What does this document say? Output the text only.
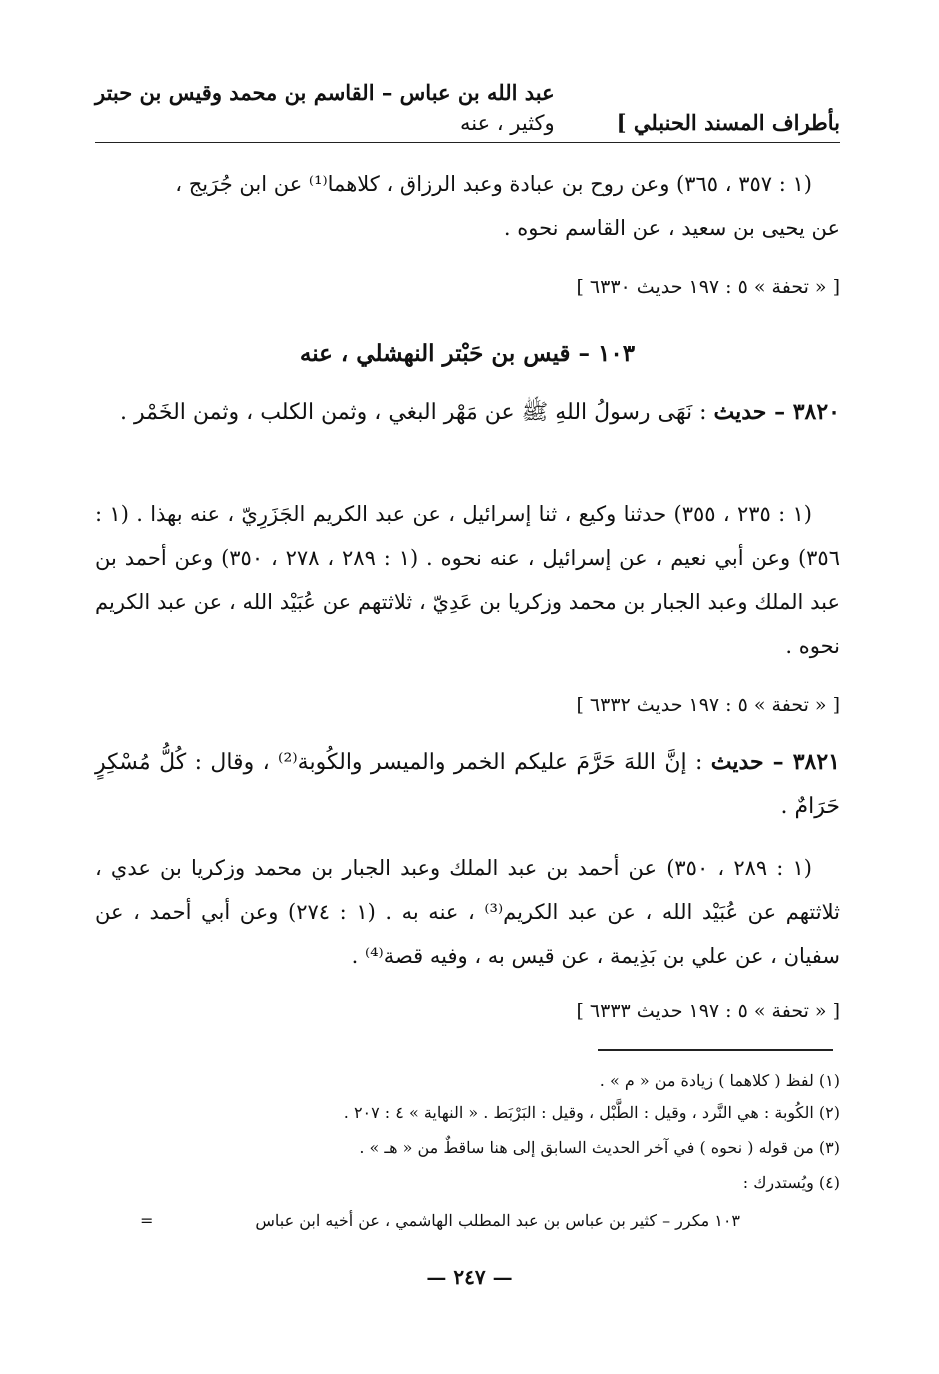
عبد الله بن عباس – القاسم بن محمد وقيس بن حبتر
وكثير ، عنه	بأطراف المسند الحنبلي ]
(١ : ٣٥٧ ، ٣٦٥) وعن روح بن عبادة وعبد الرزاق ، كلاهما⁽¹⁾ عن ابن جُرَيج ،
عن يحيى بن سعيد ، عن القاسم نحوه .
[ « تحفة » ٥ : ١٩٧ حديث ٦٣٣٠ ]
١٠٣ – قيس بن حَبْتر النهشلي ، عنه

٣٨٢٠ – حديث : نَهَى رسولُ اللهِ ﷺ عن مَهْر البغي ، وثمن الكلب ، وثمن الخَمْر .

(١ : ٢٣٥ ، ٣٥٥) حدثنا وكيع ، ثنا إسرائيل ، عن عبد الكريم الجَزَرِيّ ، عنه بهذا . (١ : ٣٥٦) وعن أبي نعيم ، عن إسرائيل ، عنه نحوه . (١ : ٢٨٩ ، ٢٧٨ ، ٣٥٠) وعن أحمد بن عبد الملك وعبد الجبار بن محمد وزكريا بن عَدِيّ ، ثلاثتهم عن عُبَيْد الله ، عن عبد الكريم نحوه .

[ « تحفة » ٥ : ١٩٧ حديث ٦٣٣٢ ]

٣٨٢١ – حديث : إنَّ اللهَ حَرَّمَ عليكم الخمر والميسر والكُوبة⁽²⁾ ، وقال : كُلُّ مُسْكِرٍ حَرَامٌ .

(١ : ٢٨٩ ، ٣٥٠) عن أحمد بن عبد الملك وعبد الجبار بن محمد وزكريا بن عدي ، ثلاثتهم عن عُبَيْد الله ، عن عبد الكريم⁽³⁾ ، عنه به . (١ : ٢٧٤) وعن أبي أحمد ، عن سفيان ، عن علي بن بَذِيمة ، عن قيس به ، وفيه قصة⁽⁴⁾ .

[ « تحفة » ٥ : ١٩٧ حديث ٦٣٣٣ ]
(١) لفظ ( كلاهما ) زيادة من « م » .
(٢) الكُوبة : هي النَّرد ، وقيل : الطَّبْل ، وقيل : البَرْبَط . « النهاية » ٤ : ٢٠٧ .
(٣) من قوله ( نحوه ) في آخر الحديث السابق إلى هنا ساقطٌ من « هـ » .
(٤) ويُستدرك :
١٠٣ مكرر – كثير بن عباس بن عبد المطلب الهاشمي ، عن أخيه ابن عباس
=
— ٢٤٧ —
